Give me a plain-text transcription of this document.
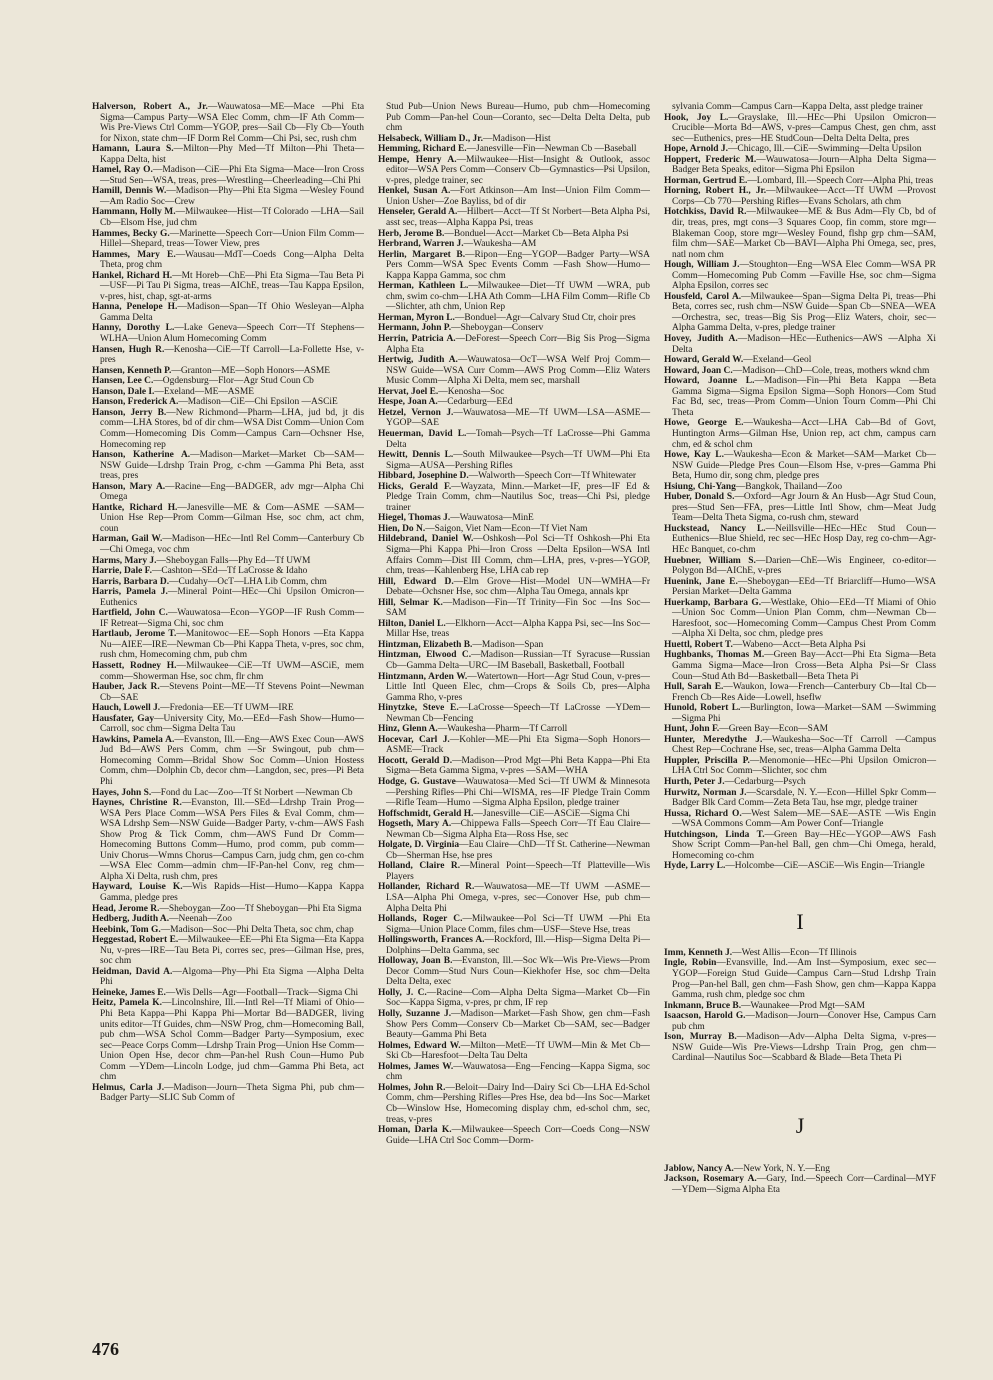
Halverson, Robert A., Jr.—Wauwatosa—ME—Mace —Phi Eta Sigma—Campus Party—WSA Elec Comm, chm—IF Ath Comm—Wis Pre-Views Ctrl Comm—YGOP, pres—Sail Cb—Fly Cb—Youth for Nixon, state chm—IF Dorm Rel Comm—Chi Psi, sec, rush chm

Hamann, Laura S.—Milton—Phy Med—Tf Milton—Phi Theta—Kappa Delta, hist

Hamel, Ray O.—Madison—CiE—Phi Eta Sigma—Mace—Iron Cross—Stud Sen—WSA, treas, pres—Wrestling—Cheerleading—Chi Phi

Hamill, Dennis W.—Madison—Phy—Phi Eta Sigma —Wesley Found—Am Radio Soc—Crew

Hammann, Holly M.—Milwaukee—Hist—Tf Colorado —LHA—Sail Cb—Elsom Hse, jud chm

Hammes, Becky G.—Marinette—Speech Corr—Union Film Comm—Hillel—Shepard, treas—Tower View, pres

Hammes, Mary E.—Wausau—MdT—Coeds Cong—Alpha Delta Theta, prog chm

Hankel, Richard H.—Mt Horeb—ChE—Phi Eta Sigma—Tau Beta Pi—USF—Pi Tau Pi Sigma, treas—AIChE, treas—Tau Kappa Epsilon, v-pres, hist, chap, sgt-at-arms

Hanna, Penelope H.—Madison—Span—Tf Ohio Wesleyan—Alpha Gamma Delta

Hanny, Dorothy L.—Lake Geneva—Speech Corr—Tf Stephens—WLHA—Union Alum Homecoming Comm

Hansen, Hugh R.—Kenosha—CiE—Tf Carroll—La-Follette Hse, v-pres

Hansen, Kenneth P.—Granton—ME—Soph Honors—ASME

Hansen, Lee C.—Ogdensburg—Flor—Agr Stud Coun Cb

Hanson, Dale I.—Exeland—ME—ASME

Hanson, Frederick A.—Madison—CiE—Chi Epsilon —ASCiE

Hanson, Jerry B.—New Richmond—Pharm—LHA, jud bd, jt dis comm—LHA Stores, bd of dir chm—WSA Dist Comm—Union Com Comm—Homecoming Dis Comm—Campus Carn—Ochsner Hse, Homecoming rep

Hanson, Katherine A.—Madison—Market—Market Cb—SAM—NSW Guide—Ldrshp Train Prog, c-chm —Gamma Phi Beta, asst treas, pres

Hanson, Mary A.—Racine—Eng—BADGER, adv mgr—Alpha Chi Omega

Hantke, Richard H.—Janesville—ME & Com—ASME —SAM—Union Hse Rep—Prom Comm—Gilman Hse, soc chm, act chm, coun

Harman, Gail W.—Madison—HEc—Intl Rel Comm—Canterbury Cb—Chi Omega, voc chm

Harms, Mary J.—Sheboygan Falls—Phy Ed—Tf UWM

Harrie, Dale F.—Cashton—SEd—Tf LaCrosse & Idaho

Harris, Barbara D.—Cudahy—OcT—LHA Lib Comm, chm

Harris, Pamela J.—Mineral Point—HEc—Chi Upsilon Omicron—Euthenics

Hartfield, John C.—Wauwatosa—Econ—YGOP—IF Rush Comm—IF Retreat—Sigma Chi, soc chm

Hartlaub, Jerome T.—Manitowoc—EE—Soph Honors —Eta Kappa Nu—AIEE—IRE—Newman Cb—Phi Kappa Theta, v-pres, soc chm, rush chm, Homecoming chm, pub chm

Hassett, Rodney H.—Milwaukee—CiE—Tf UWM—ASCiE, mem comm—Showerman Hse, soc chm, flr chm

Hauber, Jack R.—Stevens Point—ME—Tf Stevens Point—Newman Cb—SAE

Hauch, Lowell J.—Fredonia—EE—Tf UWM—IRE

Hausfater, Gay—University City, Mo.—EEd—Fash Show—Humo—Carroll, soc chm—Sigma Delta Tau

Hawkins, Pamela A.—Evanston, Ill.—Eng—AWS Exec Coun—AWS Jud Bd—AWS Pers Comm, chm —Sr Swingout, pub chm—Homecoming Comm—Bridal Show Soc Comm—Union Hostess Comm, chm—Dolphin Cb, decor chm—Langdon, sec, pres—Pi Beta Phi

Hayes, John S.—Fond du Lac—Zoo—Tf St Norbert —Newman Cb

Haynes, Christine R.—Evanston, Ill.—SEd—Ldrshp Train Prog—WSA Pers Place Comm—WSA Pers Files & Eval Comm, chm—WSA Ldrshp Sem—NSW Guide—Badger Party, v-chm—AWS Fash Show Prog & Tick Comm, chm—AWS Fund Dr Comm—Homecoming Buttons Comm—Humo, prod comm, pub comm—Univ Chorus—Wmns Chorus—Campus Carn, judg chm, gen co-chm—WSA Elec Comm—admin chm—IF-Pan-hel Conv, reg chm—Alpha Xi Delta, rush chm, pres

Hayward, Louise K.—Wis Rapids—Hist—Humo—Kappa Kappa Gamma, pledge pres

Head, Jerome R.—Sheboygan—Zoo—Tf Sheboygan—Phi Eta Sigma

Hedberg, Judith A.—Neenah—Zoo

Heebink, Tom G.—Madison—Soc—Phi Delta Theta, soc chm, chap

Heggestad, Robert E.—Milwaukee—EE—Phi Eta Sigma—Eta Kappa Nu, v-pres—IRE—Tau Beta Pi, corres sec, pres—Gilman Hse, pres, soc chm

Heidman, David A.—Algoma—Phy—Phi Eta Sigma —Alpha Delta Phi

Heineke, James E.—Wis Dells—Agr—Football—Track—Sigma Chi

Heitz, Pamela K.—Lincolnshire, Ill.—Intl Rel—Tf Miami of Ohio—Phi Beta Kappa—Phi Kappa Phi—Mortar Bd—BADGER, living units editor—Tf Guides, chm—NSW Prog, chm—Homecoming Ball, pub chm—WSA Schol Comm—Badger Party—Symposium, exec sec—Peace Corps Comm—Ldrshp Train Prog—Union Hse Comm—Union Open Hse, decor chm—Pan-hel Rush Coun—Humo Pub Comm —YDem—Lincoln Lodge, jud chm—Gamma Phi Beta, act chm

Helmus, Carla J.—Madison—Journ—Theta Sigma Phi, pub chm—Badger Party—SLIC Sub Comm of

Stud Pub—Union News Bureau—Humo, pub chm—Homecoming Pub Comm—Pan-hel Coun—Coranto, sec—Delta Delta Delta, pub chm

Helsabeck, William D., Jr.—Madison—Hist

Hemming, Richard E.—Janesville—Fin—Newman Cb —Baseball

Hempe, Henry A.—Milwaukee—Hist—Insight & Outlook, assoc editor—WSA Pers Comm—Conserv Cb—Gymnastics—Psi Upsilon, v-pres, pledge trainer, sec

Henkel, Susan A.—Fort Atkinson—Am Inst—Union Film Comm—Union Usher—Zoe Bayliss, bd of dir

Henseler, Gerald A.—Hilbert—Acct—Tf St Norbert—Beta Alpha Psi, asst sec, treas—Alpha Kappa Psi, treas

Herb, Jerome B.—Bonduel—Acct—Market Cb—Beta Alpha Psi

Herbrand, Warren J.—Waukesha—AM

Herlin, Margaret B.—Ripon—Eng—YGOP—Badger Party—WSA Pers Comm—WSA Spec Events Comm —Fash Show—Humo—Kappa Kappa Gamma, soc chm

Herman, Kathleen L.—Milwaukee—Diet—Tf UWM —WRA, pub chm, swim co-chm—LHA Ath Comm—LHA Film Comm—Rifle Cb—Slichter, ath chm, Union Rep

Herman, Myron L.—Bonduel—Agr—Calvary Stud Ctr, choir pres

Hermann, John P.—Sheboygan—Conserv

Herrin, Patricia A.—DeForest—Speech Corr—Big Sis Prog—Sigma Alpha Eta

Hertwig, Judith A.—Wauwatosa—OcT—WSA Welf Proj Comm—NSW Guide—WSA Curr Comm—AWS Prog Comm—Eliz Waters Music Comm—Alpha Xi Delta, mem sec, marshall

Hervat, Joel E.—Kenosha—Soc

Hespe, Joan A.—Cedarburg—EEd

Hetzel, Vernon J.—Wauwatosa—ME—Tf UWM—LSA—ASME—YGOP—SAE

Heuerman, David L.—Tomah—Psych—Tf LaCrosse—Phi Gamma Delta

Hewitt, Dennis L.—South Milwaukee—Psych—Tf UWM—Phi Eta Sigma—AUSA—Pershing Rifles

Hibbard, Josephine D.—Walworth—Speech Corr—Tf Whitewater

Hicks, Gerald F.—Wayzata, Minn.—Market—IF, pres—IF Ed & Pledge Train Comm, chm—Nautilus Soc, treas—Chi Psi, pledge trainer

Hiegel, Thomas J.—Wauwatosa—MinE

Hien, Do N.—Saigon, Viet Nam—Econ—Tf Viet Nam

Hildebrand, Daniel W.—Oshkosh—Pol Sci—Tf Oshkosh—Phi Eta Sigma—Phi Kappa Phi—Iron Cross —Delta Epsilon—WSA Intl Affairs Comm—Dist III Comm, chm—LHA, pres, v-pres—YGOP, chm, treas—Kahlenberg Hse, LHA cab rep

Hill, Edward D.—Elm Grove—Hist—Model UN—WMHA—Fr Debate—Ochsner Hse, soc chm—Alpha Tau Omega, annals kpr

Hill, Selmar K.—Madison—Fin—Tf Trinity—Fin Soc —Ins Soc—SAM

Hilton, Daniel L.—Elkhorn—Acct—Alpha Kappa Psi, sec—Ins Soc—Millar Hse, treas

Hintzman, Elizabeth B.—Madison—Span

Hintzman, Elwood C.—Madison—Russian—Tf Syracuse—Russian Cb—Gamma Delta—URC—IM Baseball, Basketball, Football

Hintzmann, Arden W.—Watertown—Hort—Agr Stud Coun, v-pres—Little Intl Queen Elec, chm—Crops & Soils Cb, pres—Alpha Gamma Rho, v-pres

Hinytzke, Steve E.—LaCrosse—Speech—Tf LaCrosse —YDem—Newman Cb—Fencing

Hinz, Glenn A.—Waukesha—Pharm—Tf Carroll

Hocevar, Carl J.—Kohler—ME—Phi Eta Sigma—Soph Honors—ASME—Track

Hocott, Gerald D.—Madison—Prod Mgt—Phi Beta Kappa—Phi Eta Sigma—Beta Gamma Sigma, v-pres —SAM—WHA

Hodge, G. Gustave—Wauwatosa—Med Sci—Tf UWM & Minnesota—Pershing Rifles—Phi Chi—WISMA, res—IF Pledge Train Comm—Rifle Team—Humo —Sigma Alpha Epsilon, pledge trainer

Hoffschmidt, Gerald H.—Janesville—CiE—ASCiE—Sigma Chi

Hogseth, Mary A.—Chippewa Falls—Speech Corr—Tf Eau Claire—Newman Cb—Sigma Alpha Eta—Ross Hse, sec

Holgate, D. Virginia—Eau Claire—ChD—Tf St. Catherine—Newman Cb—Sherman Hse, hse pres

Holland, Claire R.—Mineral Point—Speech—Tf Platteville—Wis Players

Hollander, Richard R.—Wauwatosa—ME—Tf UWM —ASME—LSA—Alpha Phi Omega, v-pres, sec—Conover Hse, pub chm—Alpha Delta Phi

Hollands, Roger C.—Milwaukee—Pol Sci—Tf UWM —Phi Eta Sigma—Union Place Comm, files chm—USF—Steve Hse, treas

Hollingsworth, Frances A.—Rockford, Ill.—Hisp—Sigma Delta Pi—Dolphins—Delta Gamma, sec

Holloway, Joan B.—Evanston, Ill.—Soc Wk—Wis Pre-Views—Prom Decor Comm—Stud Nurs Coun—Kiekhofer Hse, soc chm—Delta Delta Delta, exec

Holly, J. C.—Racine—Com—Alpha Delta Sigma—Market Cb—Fin Soc—Kappa Sigma, v-pres, pr chm, IF rep

Holly, Suzanne J.—Madison—Market—Fash Show, gen chm—Fash Show Pers Comm—Conserv Cb—Market Cb—SAM, sec—Badger Beauty—Gamma Phi Beta

Holmes, Edward W.—Milton—MetE—Tf UWM—Min & Met Cb—Ski Cb—Haresfoot—Delta Tau Delta

Holmes, James W.—Wauwatosa—Eng—Fencing—Kappa Sigma, soc chm

Holmes, John R.—Beloit—Dairy Ind—Dairy Sci Cb—LHA Ed-Schol Comm, chm—Pershing Rifles—Pres Hse, dea bd—Ins Soc—Market Cb—Winslow Hse, Homecoming display chm, ed-schol chm, sec, treas, v-pres

Homan, Darla K.—Milwaukee—Speech Corr—Coeds Cong—NSW Guide—LHA Ctrl Soc Comm—Dorm-

sylvania Comm—Campus Carn—Kappa Delta, asst pledge trainer

Hook, Joy L.—Grayslake, Ill.—HEc—Phi Upsilon Omicron—Crucible—Morta Bd—AWS, v-pres—Campus Chest, gen chm, asst sec—Euthenics, pres—HE StudCoun—Delta Delta Delta, pres

Hope, Arnold J.—Chicago, Ill.—CiE—Swimming—Delta Upsilon

Hoppert, Frederic M.—Wauwatosa—Journ—Alpha Delta Sigma—Badger Beta Speaks, editor—Sigma Phi Epsilon

Horman, Gertrud E.—Lombard, Ill.—Speech Corr—Alpha Phi, treas

Horning, Robert H., Jr.—Milwaukee—Acct—Tf UWM —Provost Corps—Cb 770—Pershing Rifles—Evans Scholars, ath chm

Hotchkiss, David R.—Milwaukee—ME & Bus Adm—Fly Cb, bd of dir, treas, pres, mgt cons—3 Squares Coop, fin comm, store mgr—Blakeman Coop, store mgr—Wesley Found, flshp grp chm—SAM, film chm—SAE—Market Cb—BAVI—Alpha Phi Omega, sec, pres, natl nom chm

Hough, William J.—Stoughton—Eng—WSA Elec Comm—WSA PR Comm—Homecoming Pub Comm —Faville Hse, soc chm—Sigma Alpha Epsilon, corres sec

Housfeld, Carol A.—Milwaukee—Span—Sigma Delta Pi, treas—Phi Beta, corres sec, rush chm—NSW Guide—Span Cb—SNEA—WEA—Orchestra, sec, treas—Big Sis Prog—Eliz Waters, choir, sec—Alpha Gamma Delta, v-pres, pledge trainer

Hovey, Judith A.—Madison—HEc—Euthenics—AWS —Alpha Xi Delta

Howard, Gerald W.—Exeland—Geol

Howard, Joan C.—Madison—ChD—Cole, treas, mothers wknd chm

Howard, Joanne L.—Madison—Fin—Phi Beta Kappa —Beta Gamma Sigma—Sigma Epsilon Sigma—Soph Honors—Com Stud Fac Bd, sec, treas—Prom Comm—Union Tourn Comm—Phi Chi Theta

Howe, George E.—Waukesha—Acct—LHA Cab—Bd of Govt, Huntington Arms—Gilman Hse, Union rep, act chm, campus carn chm, ed & schol chm

Howe, Kay L.—Waukesha—Econ & Market—SAM—Market Cb—NSW Guide—Pledge Pres Coun—Elsom Hse, v-pres—Gamma Phi Beta, Humo dir, song chm, pledge pres

Hsiung, Chi-Yang—Bangkok, Thailand—Zoo

Huber, Donald S.—Oxford—Agr Journ & An Husb—Agr Stud Coun, pres—Stud Sen—FFA, pres—Little Intl Show, chm—Meat Judg Team—Delta Theta Sigma, co-rush chm, steward

Huckstead, Nancy L.—Neillsville—HEc—HEc Stud Coun—Euthenics—Blue Shield, rec sec—HEc Hosp Day, reg co-chm—Agr-HEc Banquet, co-chm

Huebner, William S.—Darien—ChE—Wis Engineer, co-editor—Polygon Bd—AIChE, v-pres

Huenink, Jane E.—Sheboygan—EEd—Tf Briarcliff—Humo—WSA Persian Market—Delta Gamma

Huerkamp, Barbara G.—Westlake, Ohio—EEd—Tf Miami of Ohio—Union Soc Comm—Union Plan Comm, chm—Newman Cb—Haresfoot, soc—Homecoming Comm—Campus Chest Prom Comm—Alpha Xi Delta, soc chm, pledge pres

Huettl, Robert T.—Wabeno—Acct—Beta Alpha Psi

Hughbanks, Thomas M.—Green Bay—Acct—Phi Eta Sigma—Beta Gamma Sigma—Mace—Iron Cross—Beta Alpha Psi—Sr Class Coun—Stud Ath Bd—Basketball—Beta Theta Pi

Hull, Sarah E.—Waukon, Iowa—French—Canterbury Cb—Ital Cb—French Cb—Res Aide—Lowell, hseflw

Hunold, Robert L.—Burlington, Iowa—Market—SAM —Swimming—Sigma Phi

Hunt, John F.—Green Bay—Econ—SAM

Hunter, Meredythe J.—Waukesha—Soc—Tf Carroll —Campus Chest Rep—Cochrane Hse, sec, treas—Alpha Gamma Delta

Huppler, Priscilla P.—Menomonie—HEc—Phi Upsilon Omicron—LHA Ctrl Soc Comm—Slichter, soc chm

Hurth, Peter J.—Cedarburg—Psych

Hurwitz, Norman J.—Scarsdale, N. Y.—Econ—Hillel Spkr Comm—Badger Blk Card Comm—Zeta Beta Tau, hse mgr, pledge trainer

Hussa, Richard O.—West Salem—ME—SAE—ASTE —Wis Engin—WSA Commons Comm—Am Power Conf—Triangle

Hutchingson, Linda T.—Green Bay—HEc—YGOP—AWS Fash Show Script Comm—Pan-hel Ball, gen chm—Chi Omega, herald, Homecoming co-chm

Hyde, Larry L.—Holcombe—CiE—ASCiE—Wis Engin—Triangle

I

Imm, Kenneth J.—West Allis—Econ—Tf Illinois

Ingle, Robin—Evansville, Ind.—Am Inst—Symposium, exec sec—YGOP—Foreign Stud Guide—Campus Carn—Stud Ldrshp Train Prog—Pan-hel Ball, gen chm—Fash Show, gen chm—Kappa Kappa Gamma, rush chm, pledge soc chm

Inkmann, Bruce B.—Waunakee—Prod Mgt—SAM

Isaacson, Harold G.—Madison—Journ—Conover Hse, Campus Carn pub chm

Ison, Murray B.—Madison—Adv—Alpha Delta Sigma, v-pres—NSW Guide—Wis Pre-Views—Ldrshp Train Prog, gen chm—Cardinal—Nautilus Soc—Scabbard & Blade—Beta Theta Pi

J

Jablow, Nancy A.—New York, N. Y.—Eng

Jackson, Rosemary A.—Gary, Ind.—Speech Corr—Cardinal—MYF—YDem—Sigma Alpha Eta

476
